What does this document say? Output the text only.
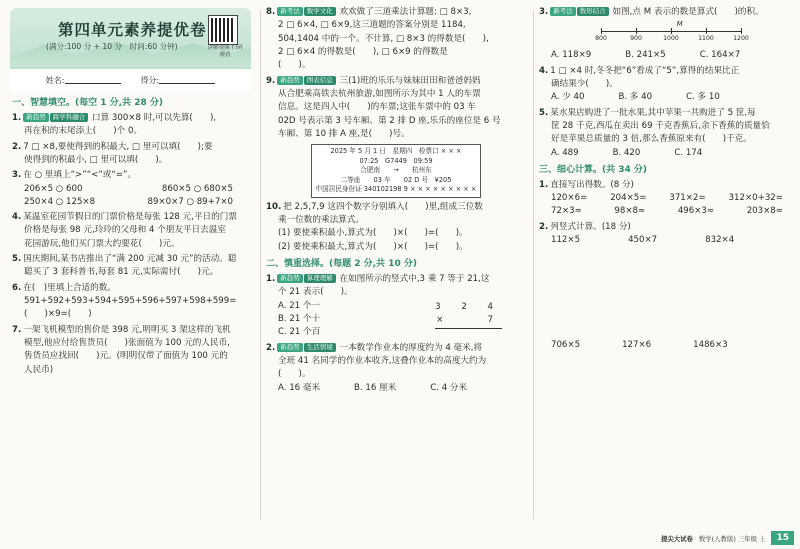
第四单元素养提优卷
(满分:100 分 + 10 分　时间:60 分钟)	讲解视频 扫码观看
姓名:	得分:
一、智慧填空。(每空 1 分,共 28 分)
1. 新趋势 跨学科融合 口算 300×8 时,可以先算(　　),
再在积的末尾添上(　　)个 0。
2. 7 □ ×8,要使得到的积最大, □ 里可以填(　　);要
使得到的积最小, □ 里可以填(　　)。
3. 在 ○ 里填上“>”“<”或“=”。
206×5 ○ 600	860×5 ○ 680×5
250×4 ○ 125×8	89×0×7 ○ 89+7×0
4. 某温室花园节假日的门票价格是每张 128 元,平日的门票
价格是每张 98 元,玲玲的父母和 4 个朋友平日去温室
花园游玩,他们买门票大约要花(　　)元。
5. 国庆期间,某书店推出了“满 200 元减 30 元”的活动。聪
聪买了 3 套科普书,每套 81 元,实际需付(　　)元。
6. 在(　)里填上合适的数。
591+592+593+594+595+596+597+598+599=
(　　)×9=(　　)
7. 一架飞机模型的售价是 398 元,明明买 3 架这样的飞机
模型,他应付给售货员(　　)张面值为 100 元的人民币,
售货员应找回(　　)元。(明明仅带了面值为 100 元的
人民币)
8. 新考法 数学文化 欢欢做了三道乘法计算题: □ 8×3,
2 □ 6×4, □ 6×9,这三道题的答案分别是 1184,
504,1404 中的一个。不计算, □ 8×3 的得数是(　　),
2 □ 6×4 的得数是(　　), □ 6×9 的得数是
(　　)。
9. 新趋势 图表信息 三(1)班的乐乐与妹妹田田和爸爸妈妈
从合肥乘高铁去杭州旅游,如图所示为其中 1 人的车票
信息。这是四人中(　　)的车票;这张车票中的 03 车
02D 号表示第 3 号车厢、第 2 排 D 座,乐乐的座位是 6 号
车厢、第 10 排 A 座,是(　　)号。
2025 年 5 月 1 日　星期四　检票口 × × ×
07:25　G7449　09:59
合肥南　　→　　杭州东
二等座　　03 车　　02 D 号　¥205
中国居民身份证 340102198 9 × × × × × × × × ×
10. 把 2,5,7,9 这四个数字分别填入(　　)里,组成三位数
乘一位数的乘法算式。
(1) 要使乘积最小,算式为(　　)×(　　)=(　　)。
(2) 要使乘积最大,算式为(　　)×(　　)=(　　)。
二、慎重选择。(每题 2 分,共 10 分)
1. 新趋势 算理理解 在如图所示的竖式中,3 乘 7 等于 21,这
个 21 表示(　　)。
A. 21 个一
B. 21 个十
C. 21 个百
3 2 4
×　　7
2. 新趋势 生活情境 一本数学作业本的厚度约为 4 毫米,将
全班 41 名同学的作业本收齐,这叠作业本的高度大约为
(　　)。
A. 16 毫米	B. 16 厘米	C. 4 分米
3. 新考法 数形结合 如图,点 M 表示的数是算式(　　)的积。
M
800	900	1000	1100	1200
A. 118×9	B. 241×5	C. 164×7
4. 1 □ ×4 时,冬冬把“6”看成了“5”,算得的结果比正
确结果少(　　)。
A. 少 40	B. 多 40	C. 多 10
5. 某水果店购进了一批水果,其中苹果一共购进了 5 筐,每
筐 28 千克,西瓜在卖出 69 千克香蕉后,余下香蕉的质量恰
好是苹果总质量的 3 倍,那么香蕉原来有(　　)千克。
A. 489	B. 420	C. 174
三、细心计算。(共 34 分)
1. 直接写出得数。(8 分)
120×6=	204×5=	371×2=	312×0+32=
72×3≈	98×8≈	496×3≈	203×8≈
2. 列竖式计算。(18 分)
112×5	450×7	832×4
706×5	127×6	1486×3
提尖大试卷 数学(人教版) 三年级 上	15
